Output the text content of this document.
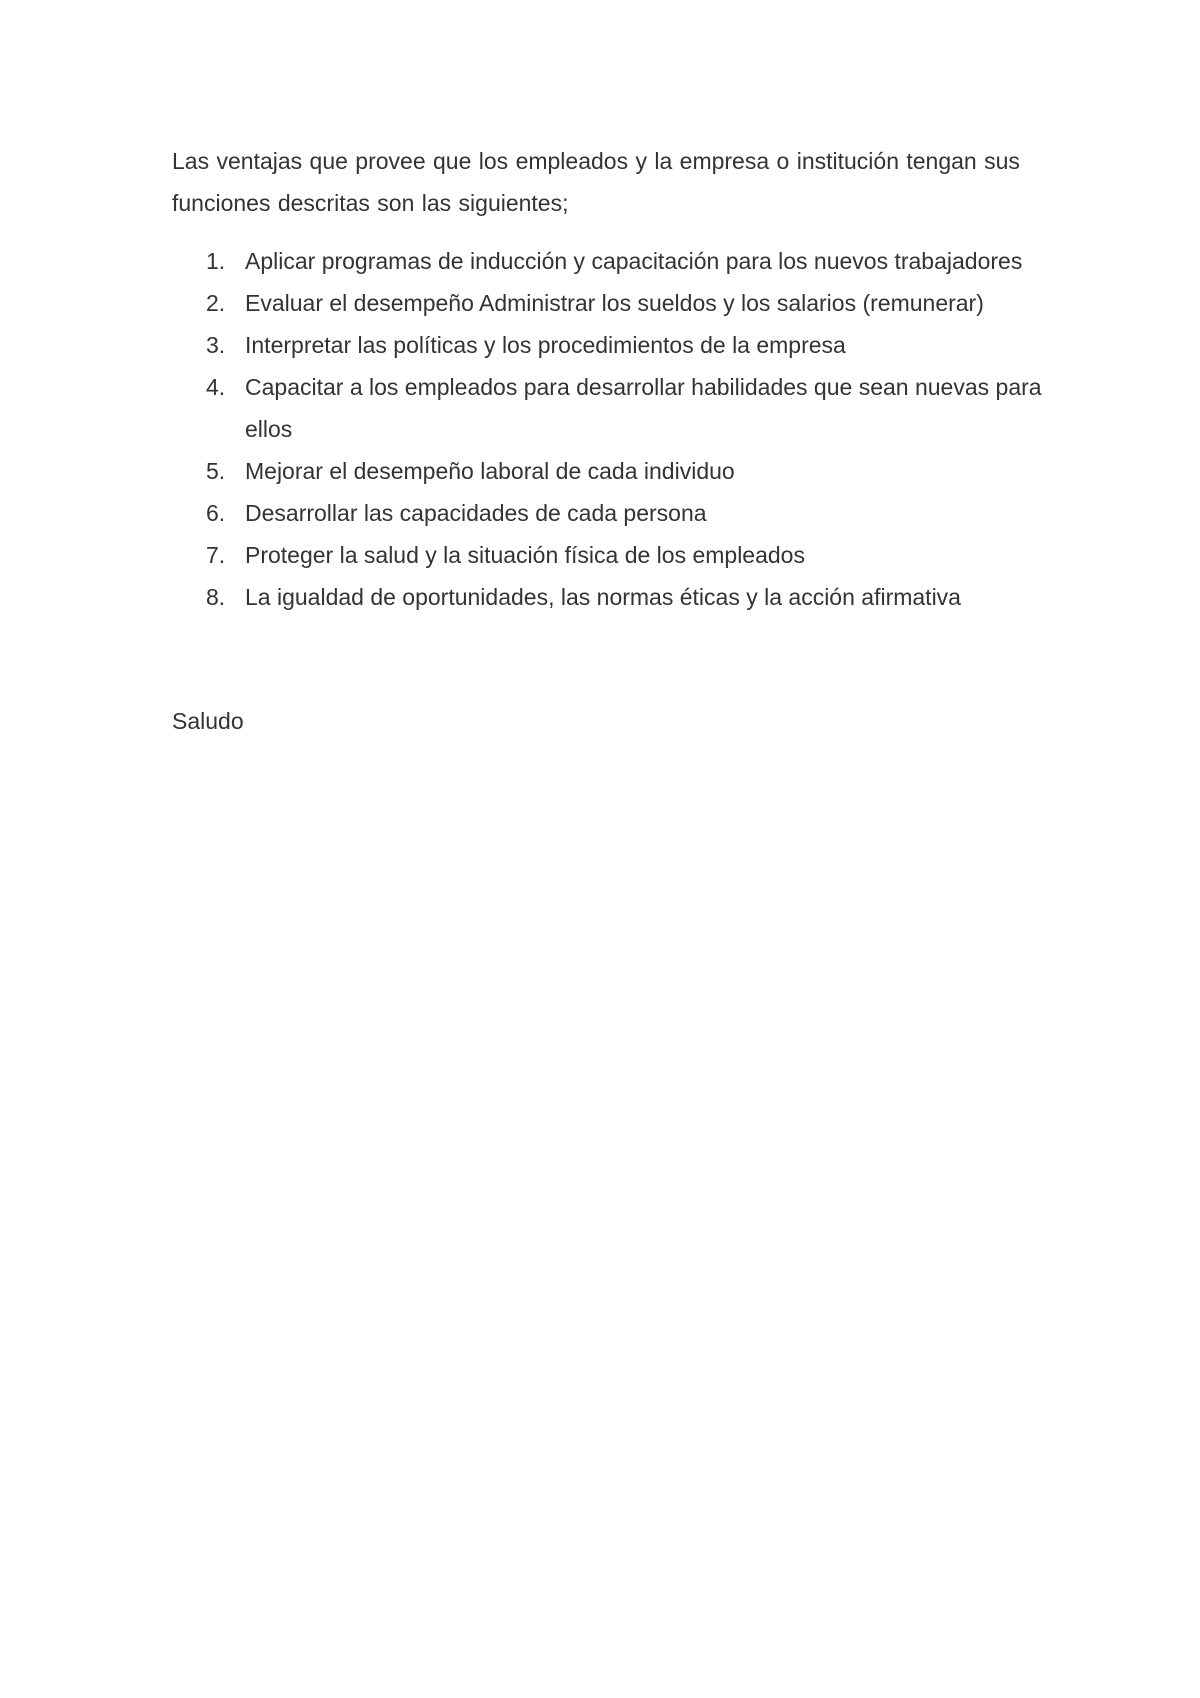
Las ventajas que provee que los empleados y la empresa o institución tengan sus funciones descritas son las siguientes;

1. Aplicar programas de inducción y capacitación para los nuevos trabajadores
2. Evaluar el desempeño Administrar los sueldos y los salarios (remunerar)
3. Interpretar las políticas y los procedimientos de la empresa
4. Capacitar a los empleados para desarrollar habilidades que sean nuevas para ellos
5. Mejorar el desempeño laboral de cada individuo
6. Desarrollar las capacidades de cada persona
7. Proteger la salud y la situación física de los empleados
8. La igualdad de oportunidades, las normas éticas y la acción afirmativa

Saludo
